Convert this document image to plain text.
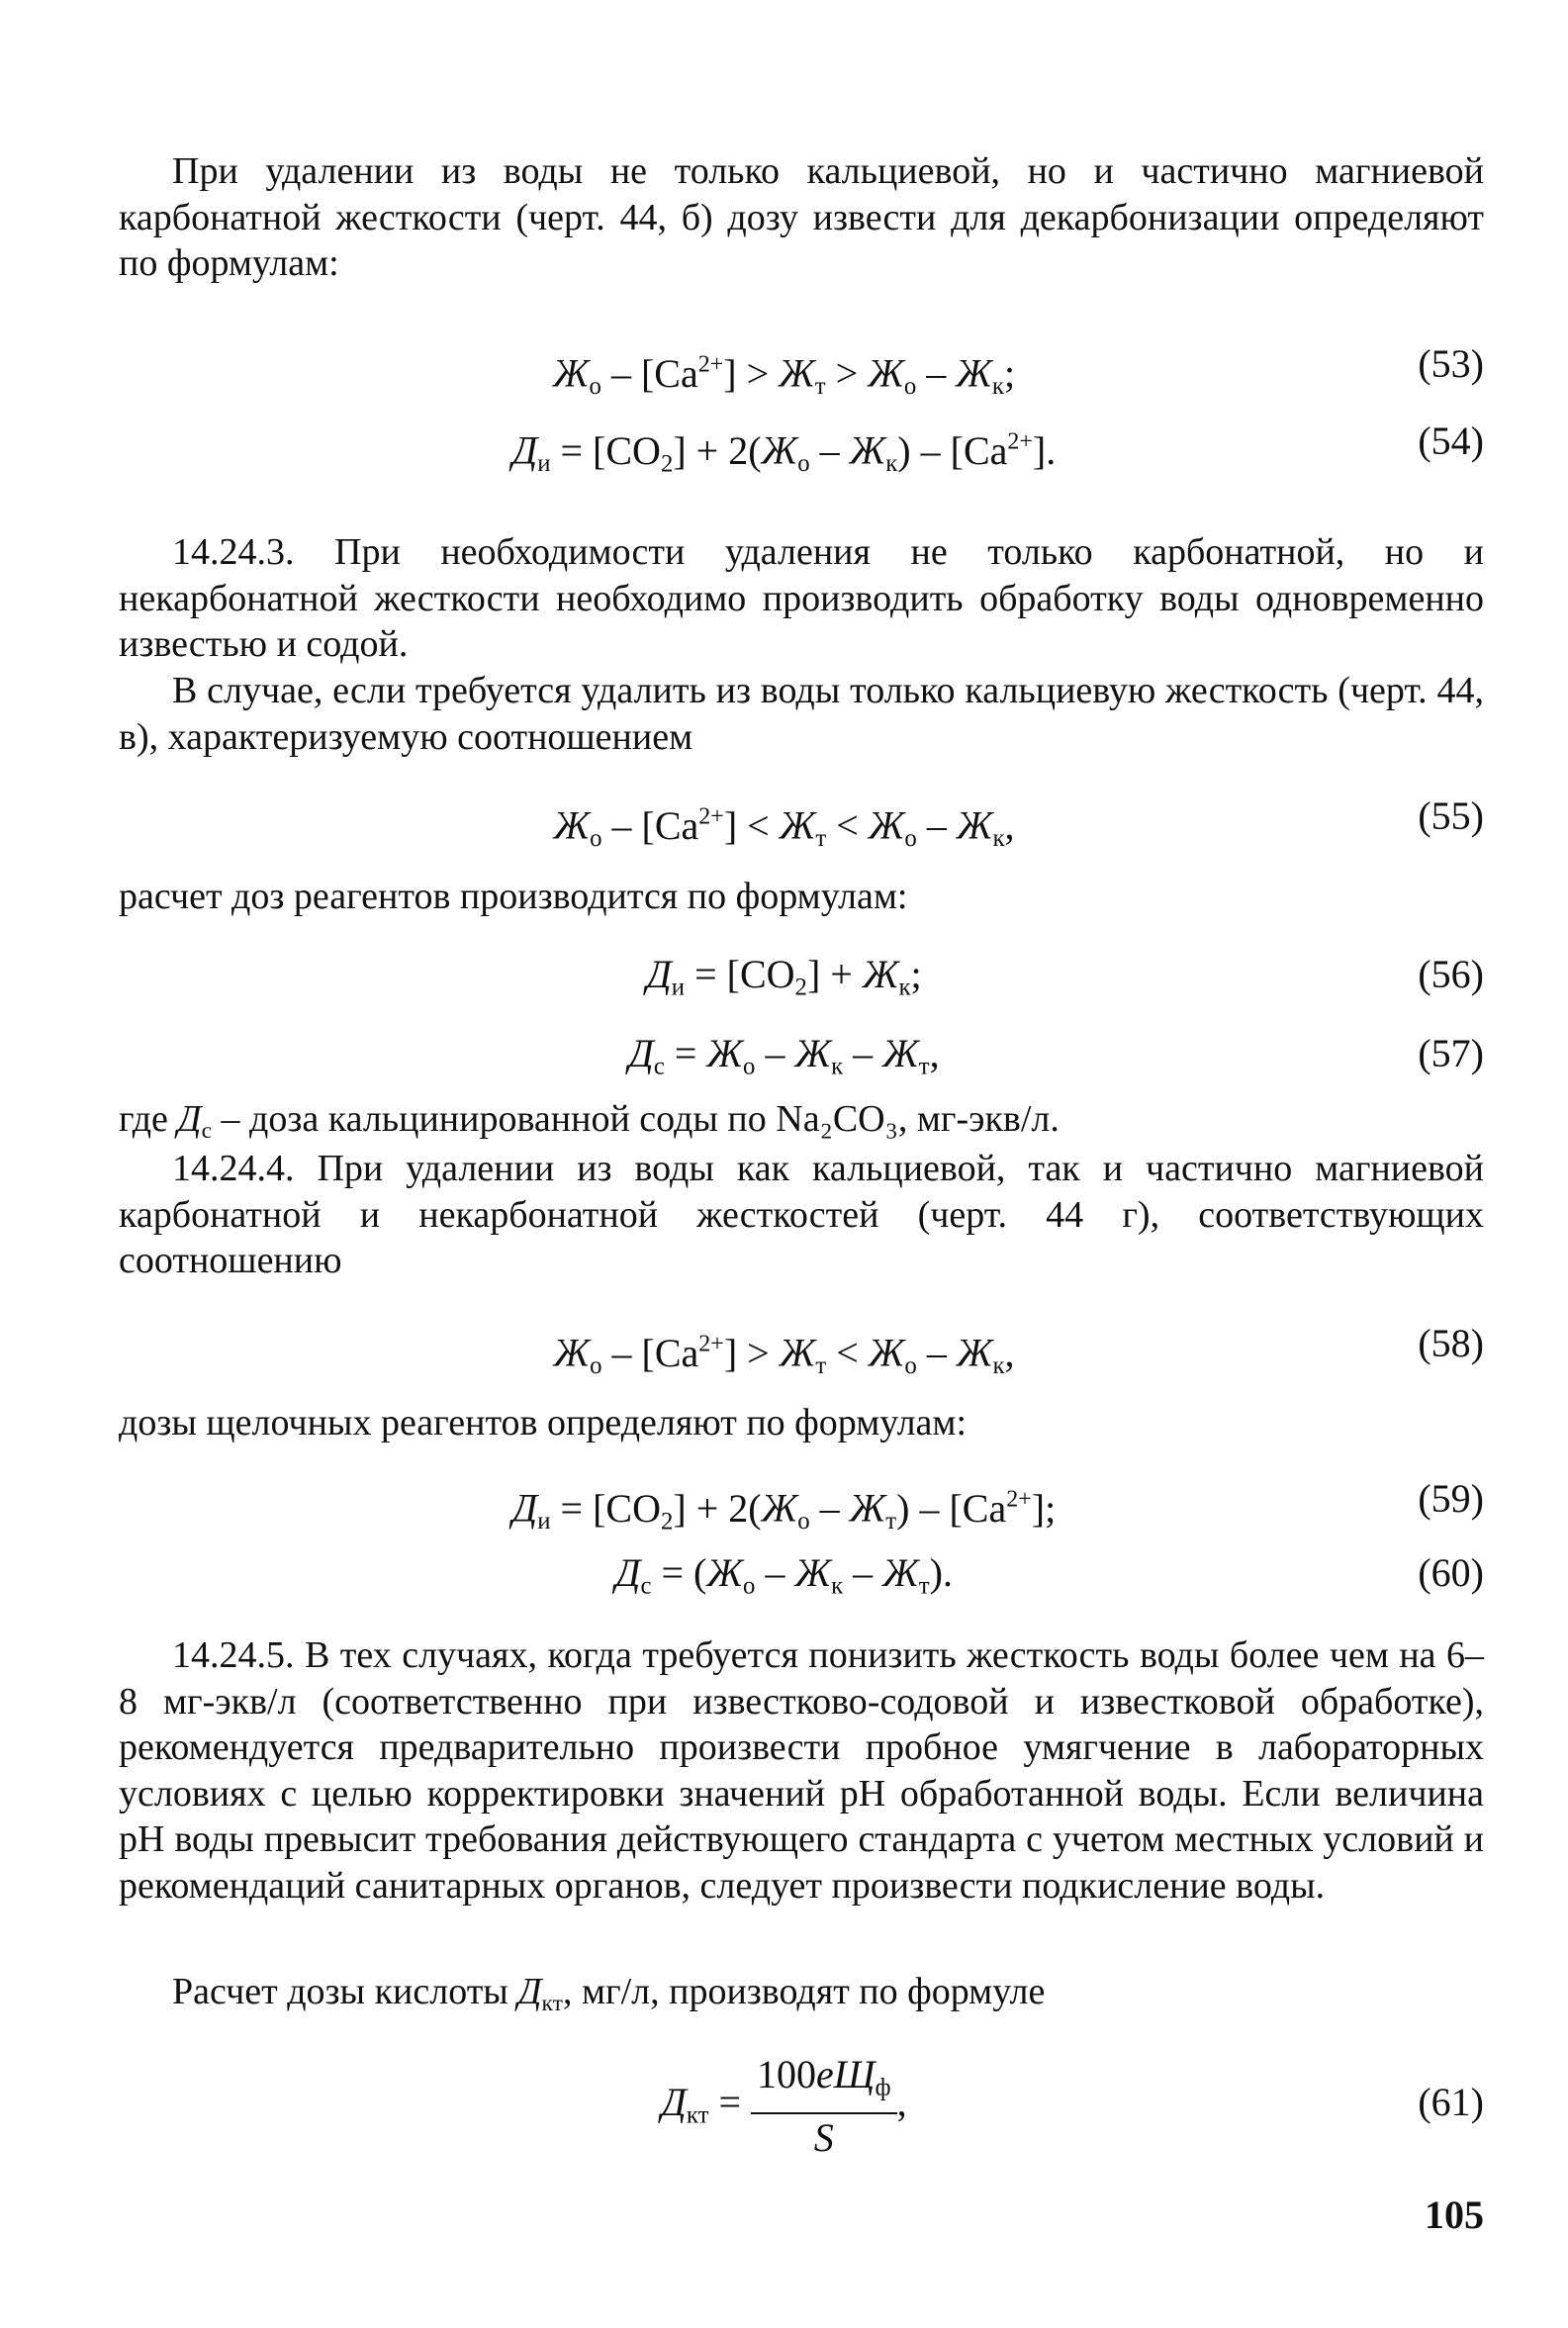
При удалении из воды не только кальциевой, но и частично магниевой карбонатной жесткости (черт. 44, б) дозу извести для декарбонизации определяют по формулам:

$Ж_о - [Ca^{2+}] > Ж_т > Ж_о - Ж_к$;	(53)
$Д_и = [CO_2] + 2(Ж_о - Ж_к) - [Ca^{2+}]$.	(54)

14.24.3. При необходимости удаления не только карбонатной, но и некарбонатной жесткости необходимо производить обработку воды одновременно известью и содой.

В случае, если требуется удалить из воды только кальциевую жесткость (черт. 44, в), характеризуемую соотношением

$Ж_о - [Ca^{2+}] < Ж_т < Ж_о - Ж_к$,	(55)

расчет доз реагентов производится по формулам:

$Д_и = [CO_2] + Ж_к$;	(56)
$Д_с = Ж_о - Ж_к - Ж_т$,	(57)

где $Д_с$ – доза кальцинированной соды по Na₂CO₃, мг-экв/л.

14.24.4. При удалении из воды как кальциевой, так и частично магниевой карбонатной и некарбонатной жесткостей (черт. 44 г), соответствующих соотношению

$Ж_о - [Ca^{2+}] > Ж_т < Ж_о - Ж_к$,	(58)

дозы щелочных реагентов определяют по формулам:

$Д_и = [CO_2] + 2(Ж_о - Ж_т) - [Ca^{2+}]$;	(59)
$Д_с = (Ж_о - Ж_к - Ж_т)$.	(60)

14.24.5. В тех случаях, когда требуется понизить жесткость воды более чем на 6–8 мг-экв/л (соответственно при известково-содовой и известковой обработке), рекомендуется предварительно произвести пробное умягчение в лабораторных условиях с целью корректировки значений pH обработанной воды. Если величина pH воды превысит требования действующего стандарта с учетом местных условий и рекомендаций санитарных органов, следует произвести подкисление воды.

Расчет дозы кислоты $Д_{кт}$, мг/л, производят по формуле

$Д_{кт} = \frac{100eЩ_ф}{S}$ ,	(61)
105
